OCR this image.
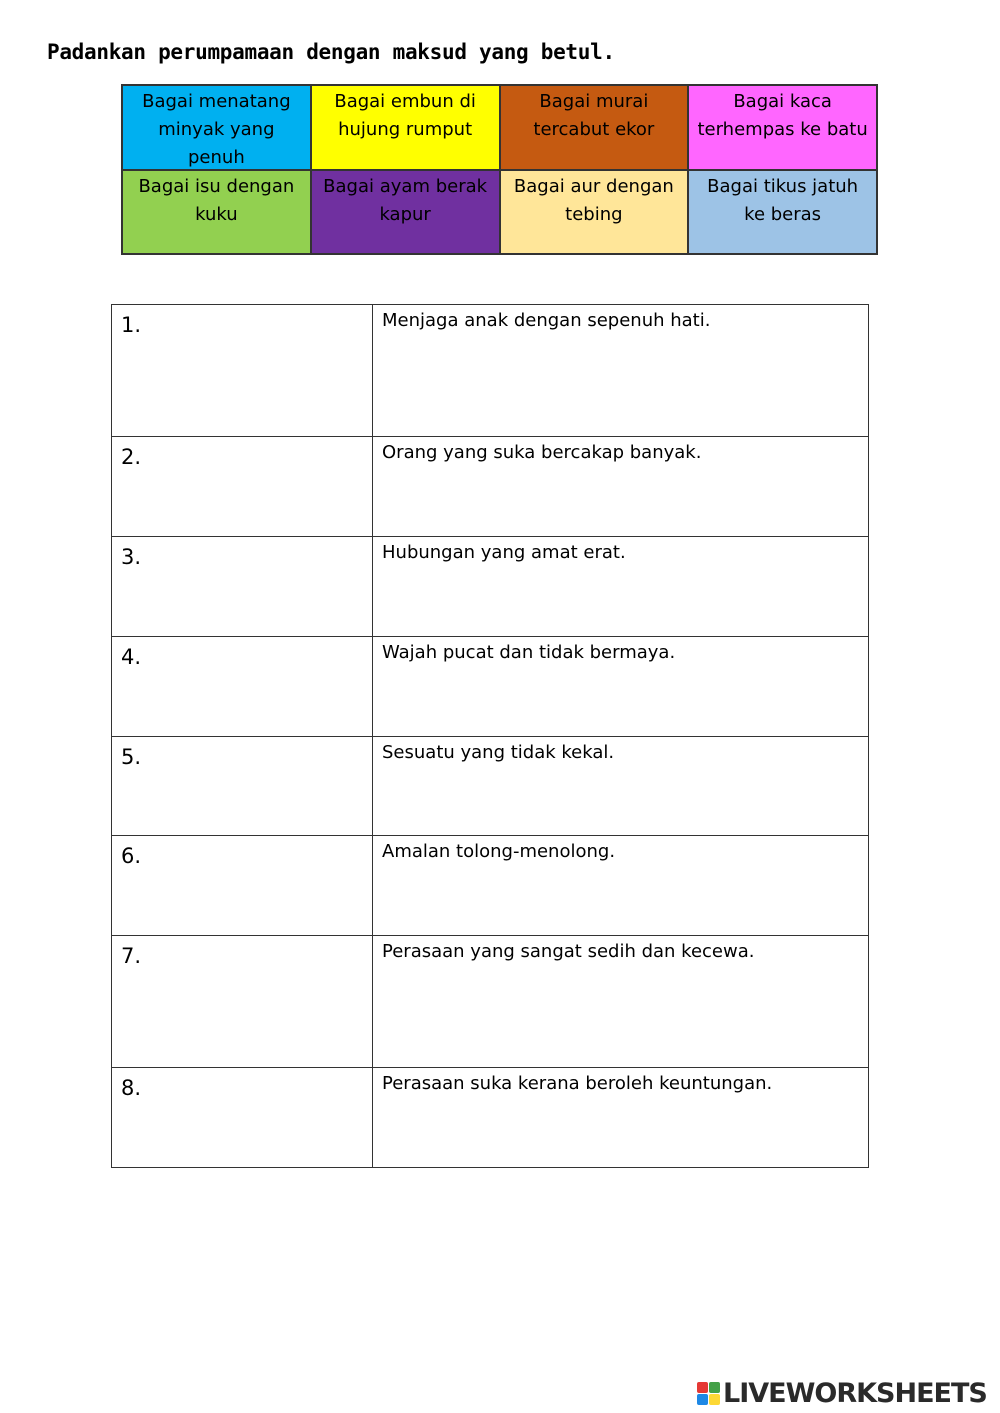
Padankan perumpamaan dengan maksud yang betul.
Bagai menatang minyak yang penuh
Bagai embun di hujung rumput
Bagai murai tercabut ekor
Bagai kaca terhempas ke batu
Bagai isu dengan kuku
Bagai ayam berak kapur
Bagai aur dengan tebing
Bagai tikus jatuh ke beras
1.	Menjaga anak dengan sepenuh hati.
2.	Orang yang suka bercakap banyak.
3.	Hubungan yang amat erat.
4.	Wajah pucat dan tidak bermaya.
5.	Sesuatu yang tidak kekal.
6.	Amalan tolong-menolong.
7.	Perasaan yang sangat sedih dan kecewa.
8.	Perasaan suka kerana beroleh keuntungan.
LIVEWORKSHEETS
